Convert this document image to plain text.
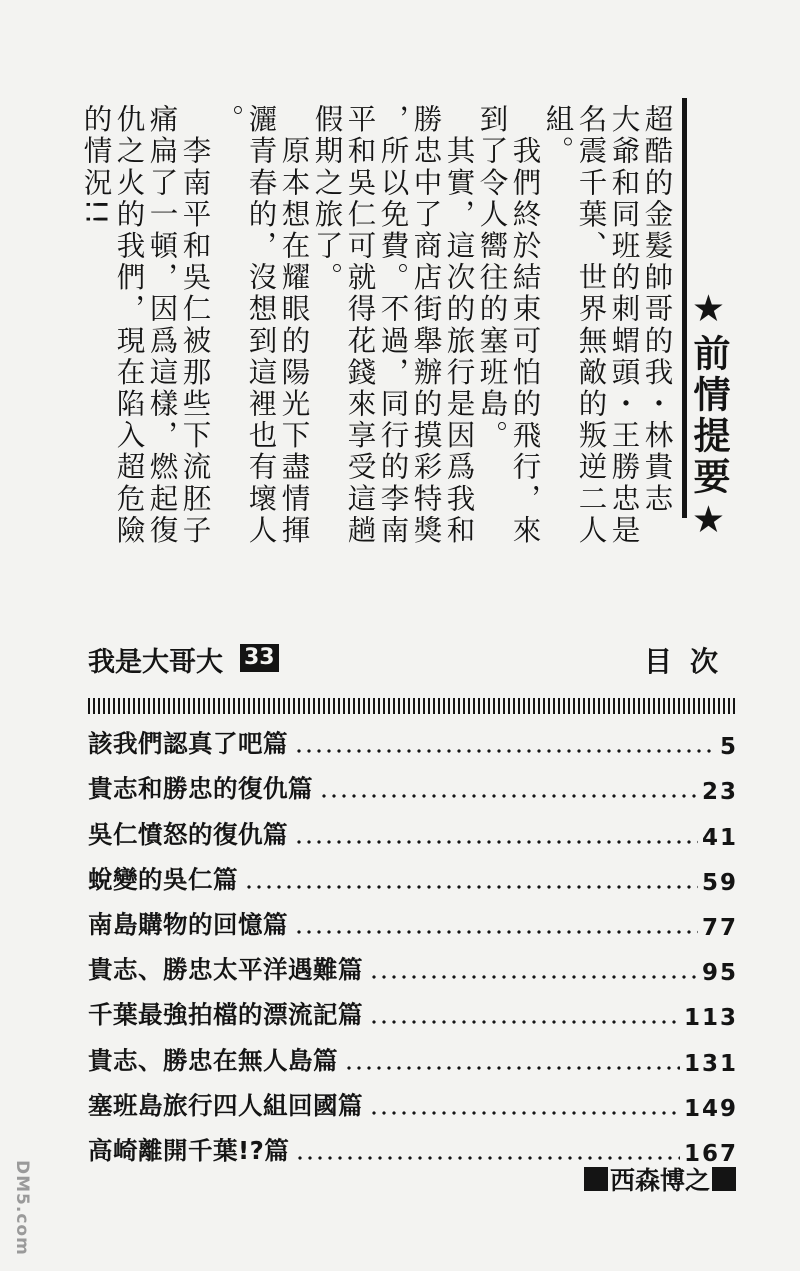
★前情提要★
超酷的金髮帥哥的我・林貴志
大爺和同班的刺蝟頭・王勝忠是
名震千葉、世界無敵的叛逆二人
組。
　我們終於結束可怕的飛行，來
到了令人嚮往的塞班島。
　其實，這次的旅行是因爲我和
勝忠中了商店街舉辦的摸彩特獎
，所以免費。不過，同行的李南
平和吳仁可就得花錢來享受這趟
假期之旅了。
　原本想在耀眼的陽光下盡情揮
灑青春的，沒想到這裡也有壞人
。
　李南平和吳仁被那些下流胚子
痛扁了一頓，因爲這樣，燃起復
仇之火的我們，現在陷入超危險
的情況!!
我是大哥大 33	目次
該我們認真了吧篇	5
貴志和勝忠的復仇篇	23
吳仁憤怒的復仇篇	41
蛻變的吳仁篇	59
南島購物的回憶篇	77
貴志、勝忠太平洋遇難篇	95
千葉最強拍檔的漂流記篇	113
貴志、勝忠在無人島篇	131
塞班島旅行四人組回國篇	149
高崎離開千葉!?篇	167
西森博之
DM5.com
